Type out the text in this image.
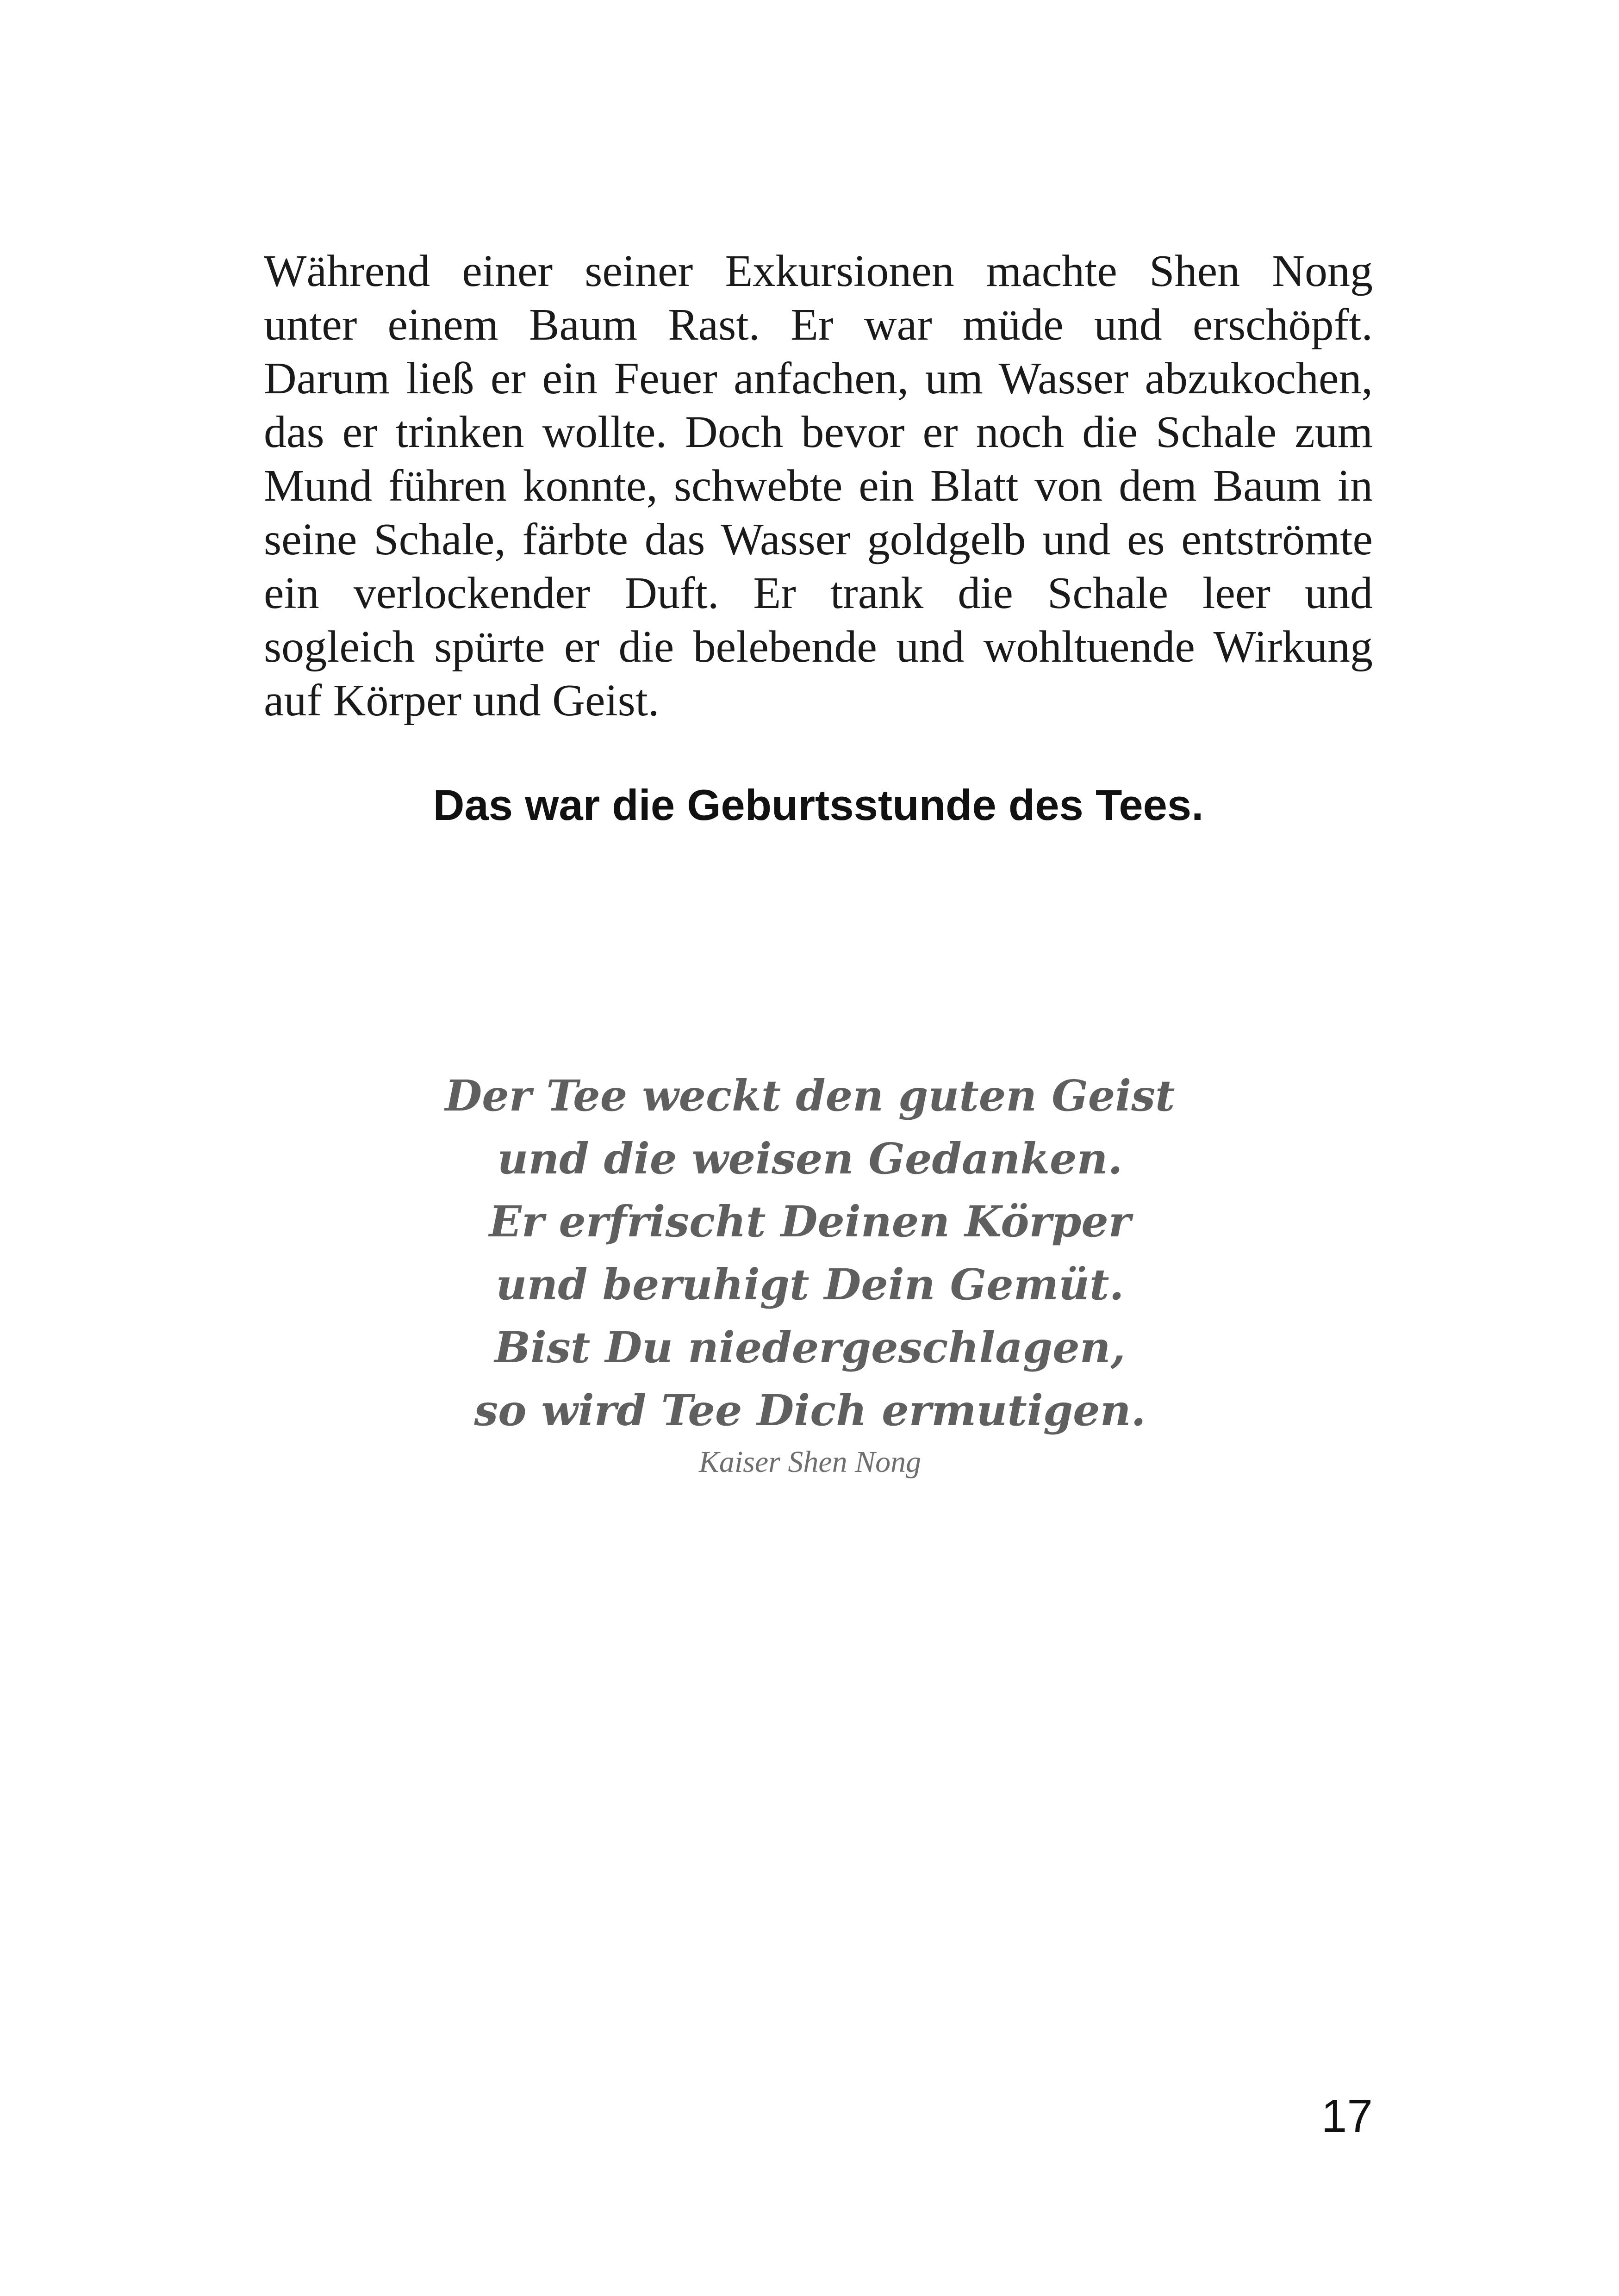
Während einer seiner Exkursionen machte Shen Nong
unter einem Baum Rast. Er war müde und erschöpft.
Darum ließ er ein Feuer anfachen, um Wasser abzukochen,
das er trinken wollte. Doch bevor er noch die Schale zum
Mund führen konnte, schwebte ein Blatt von dem Baum in
seine Schale, färbte das Wasser goldgelb und es entströmte
ein verlockender Duft. Er trank die Schale leer und
sogleich spürte er die belebende und wohltuende Wirkung
auf Körper und Geist.

Das war die Geburtsstunde des Tees.
Der Tee weckt den guten Geist
und die weisen Gedanken.
Er erfrischt Deinen Körper
und beruhigt Dein Gemüt.
Bist Du niedergeschlagen,
so wird Tee Dich ermutigen.

Kaiser Shen Nong

17
